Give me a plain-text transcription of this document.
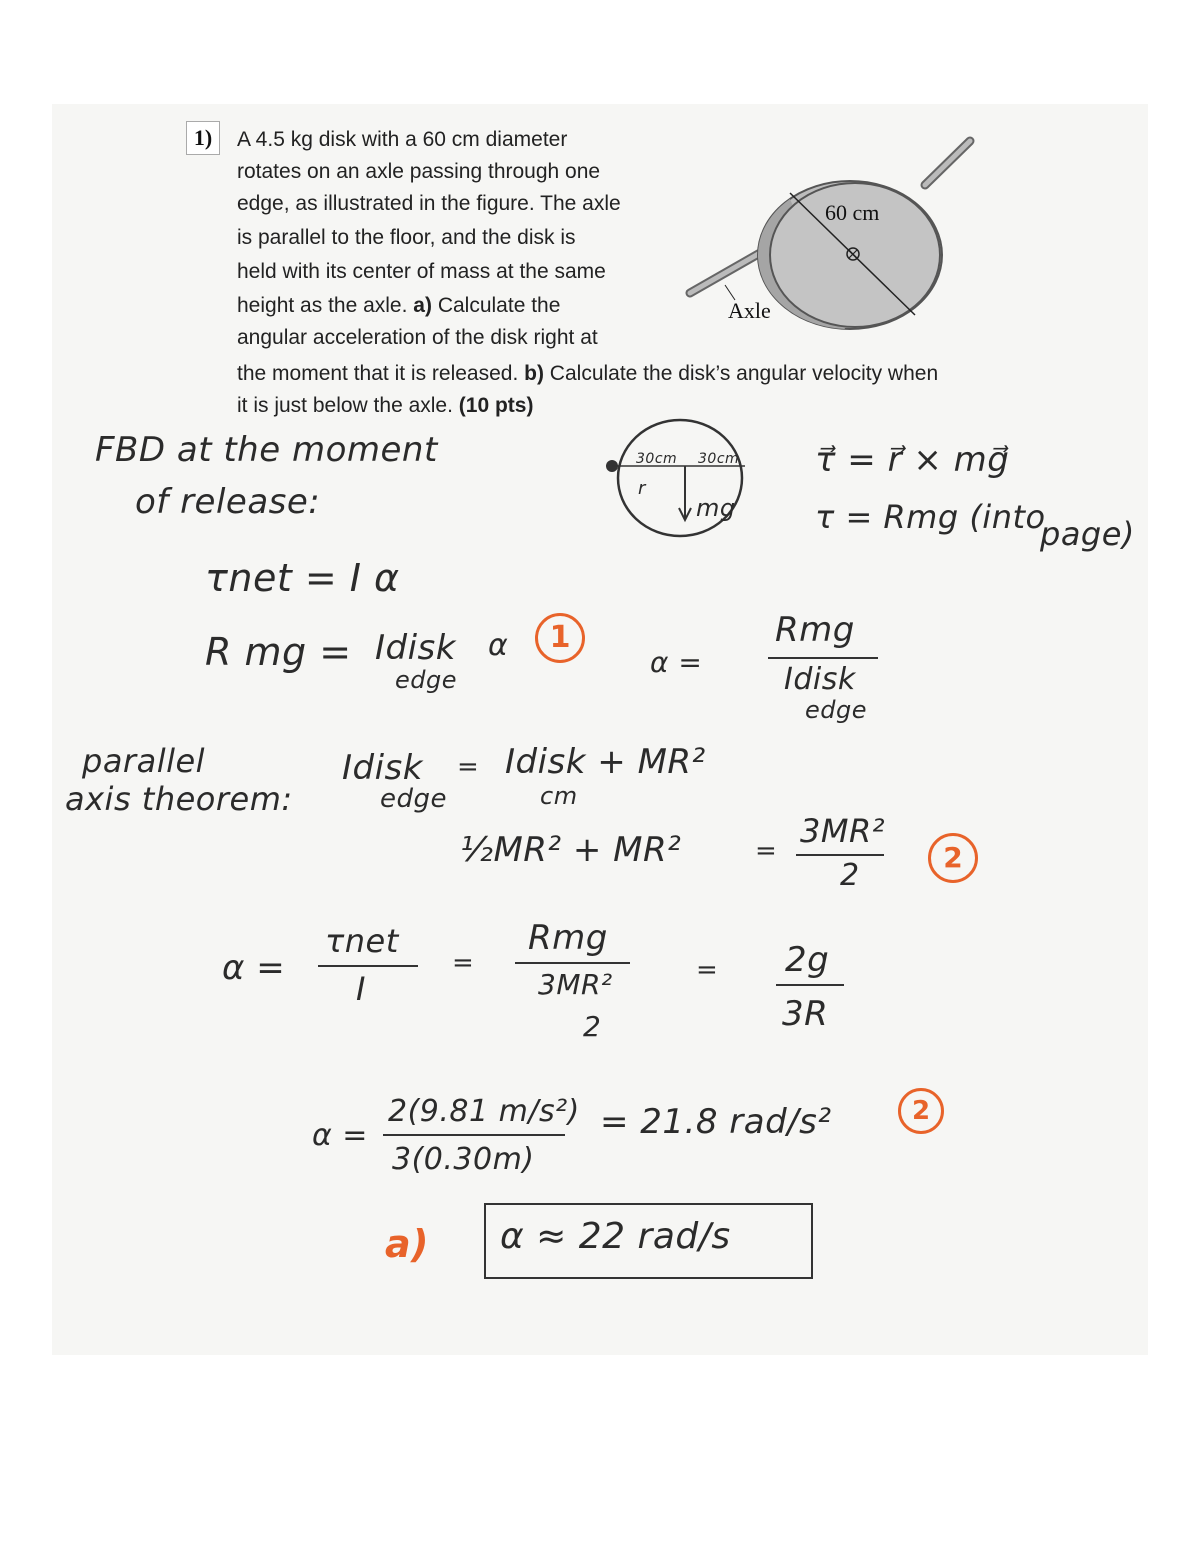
1)	A 4.5 kg disk with a 60 cm diameter
rotates on an axle passing through one
edge, as illustrated in the figure. The axle
is parallel to the floor, and the disk is
held with its center of mass at the same
height as the axle. a) Calculate the
angular acceleration of the disk right at
the moment that it is released. b) Calculate the disk’s angular velocity when
it is just below the axle. (10 pts)
60 cm
Axle
FBD at the moment
of release:
30cm 30cm
r
mg
τ⃗ = r⃗ × mg⃗
τ = Rmg (into
page)
τnet = I α
R mg = Idisk
edge
α	1
α =
Rmg
Idisk
edge
parallel
axis theorem:
Idisk
edge
= Idisk + MR²
cm
½MR² + MR²	=
3MR²
2
2
α =
τnet
I
=
Rmg
3MR²
2
= 2g
3R
α =
2(9.81 m/s²)
3(0.30m)
= 21.8 rad/s²	2
a) α ≈ 22 rad/s
